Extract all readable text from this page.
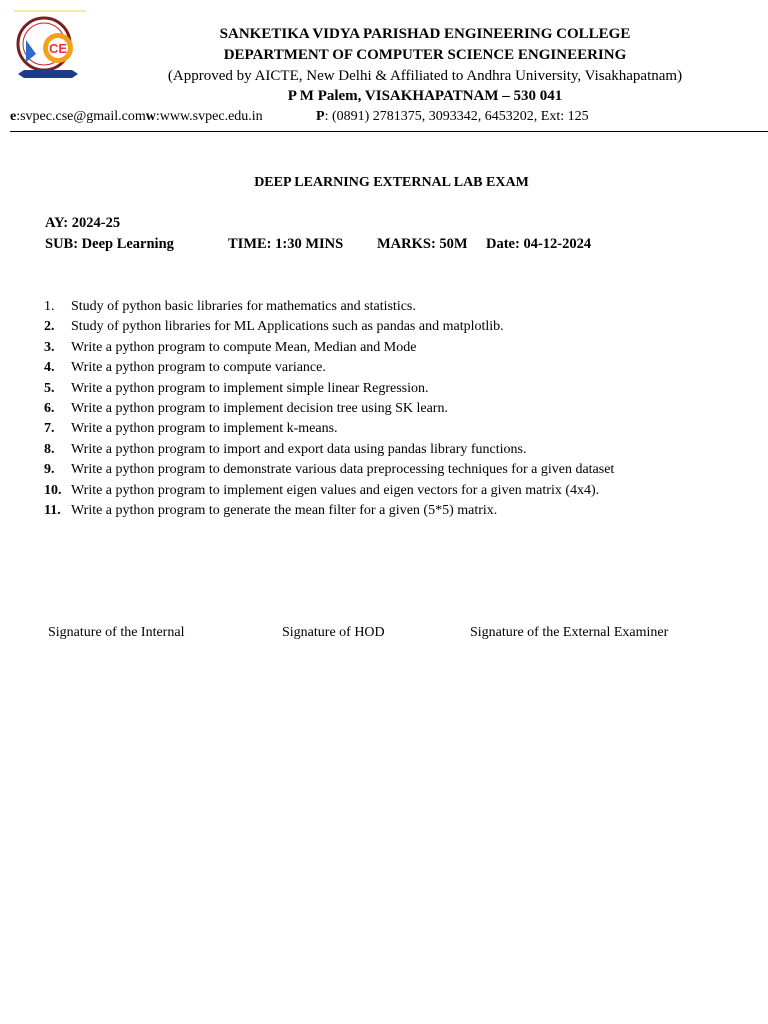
CE
SANKETIKA VIDYA PARISHAD ENGINEERING COLLEGE
DEPARTMENT OF COMPUTER SCIENCE ENGINEERING
(Approved by AICTE, New Delhi & Affiliated to Andhra University, Visakhapatnam)
P M Palem, VISAKHAPATNAM – 530 041
e:svpec.cse@gmail.comw:www.svpec.edu.in	P: (0891) 2781375, 3093342, 6453202, Ext: 125
DEEP LEARNING EXTERNAL LAB EXAM
AY: 2024-25
SUB: Deep Learning	TIME: 1:30 MINS MARKS: 50M Date: 04-12-2024
1.	Study of python basic libraries for mathematics and statistics.
2.	Study of python libraries for ML Applications such as pandas and matplotlib.
3.	Write a python program to compute Mean, Median and Mode
4.	Write a python program to compute variance.
5.	Write a python program to implement simple linear Regression.
6.	Write a python program to implement decision tree using SK learn.
7.	Write a python program to implement k-means.
8.	Write a python program to import and export data using pandas library functions.
9.	Write a python program to demonstrate various data preprocessing techniques for a given dataset
10. Write a python program to implement eigen values and eigen vectors for a given matrix (4x4).
11. Write a python program to generate the mean filter for a given (5*5) matrix.
Signature of the Internal	Signature of HOD	Signature of the External Examiner
